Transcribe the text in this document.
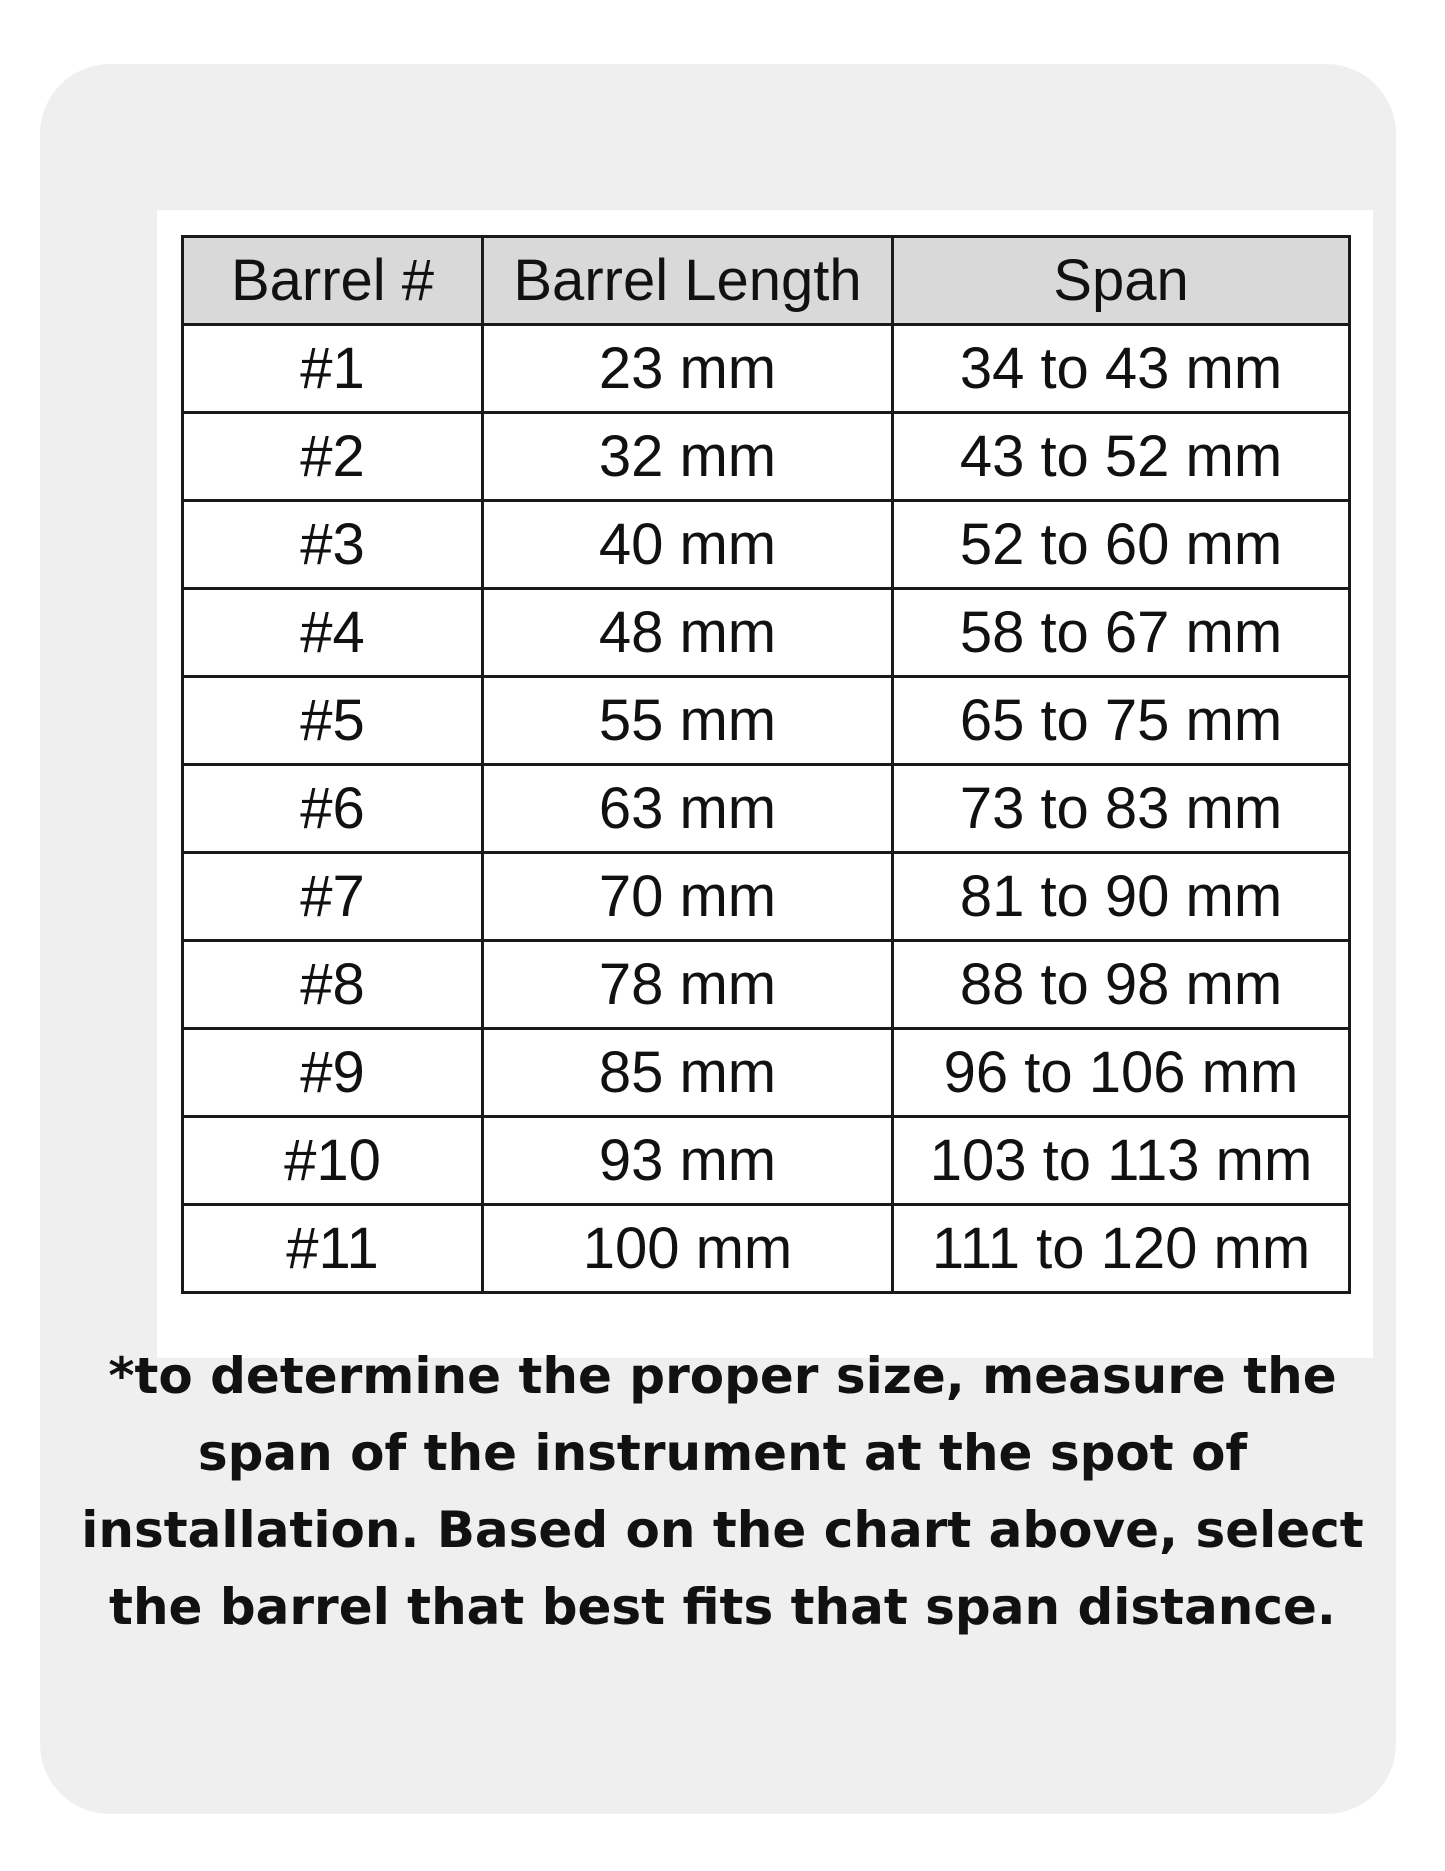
Barrel #	Barrel Length	Span
#1	23 mm	34 to 43 mm
#2	32 mm	43 to 52 mm
#3	40 mm	52 to 60 mm
#4	48 mm	58 to 67 mm
#5	55 mm	65 to 75 mm
#6	63 mm	73 to 83 mm
#7	70 mm	81 to 90 mm
#8	78 mm	88 to 98 mm
#9	85 mm	96 to 106 mm
#10	93 mm	103 to 113 mm
#11	100 mm	111 to 120 mm

*to determine the proper size, measure the span of the instrument at the spot of installation. Based on the chart above, select the barrel that best fits that span distance.
